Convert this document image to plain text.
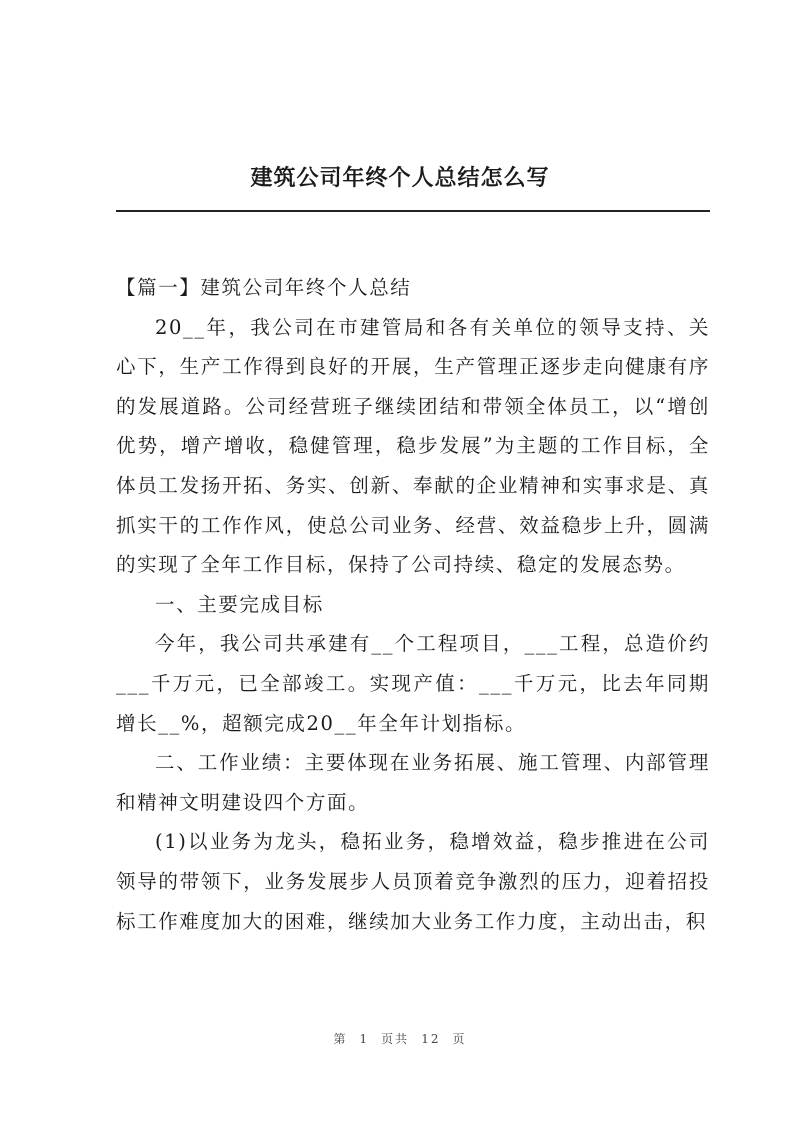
建筑公司年终个人总结怎么写

【篇一】建筑公司年终个人总结

20__年，我公司在市建管局和各有关单位的领导支持、关心下，生产工作得到良好的开展，生产管理正逐步走向健康有序的发展道路。公司经营班子继续团结和带领全体员工，以“增创优势，增产增收，稳健管理，稳步发展”为主题的工作目标，全体员工发扬开拓、务实、创新、奉献的企业精神和实事求是、真抓实干的工作作风，使总公司业务、经营、效益稳步上升，圆满的实现了全年工作目标，保持了公司持续、稳定的发展态势。

一、主要完成目标

今年，我公司共承建有__个工程项目，___工程，总造价约___千万元，已全部竣工。实现产值：___千万元，比去年同期增长__%，超额完成20__年全年计划指标。

二、工作业绩：主要体现在业务拓展、施工管理、内部管理和精神文明建设四个方面。

(1)以业务为龙头，稳拓业务，稳增效益，稳步推进在公司领导的带领下，业务发展步人员顶着竞争激烈的压力，迎着招投标工作难度加大的困难，继续加大业务工作力度，主动出击，积

第 1 页共 12 页
